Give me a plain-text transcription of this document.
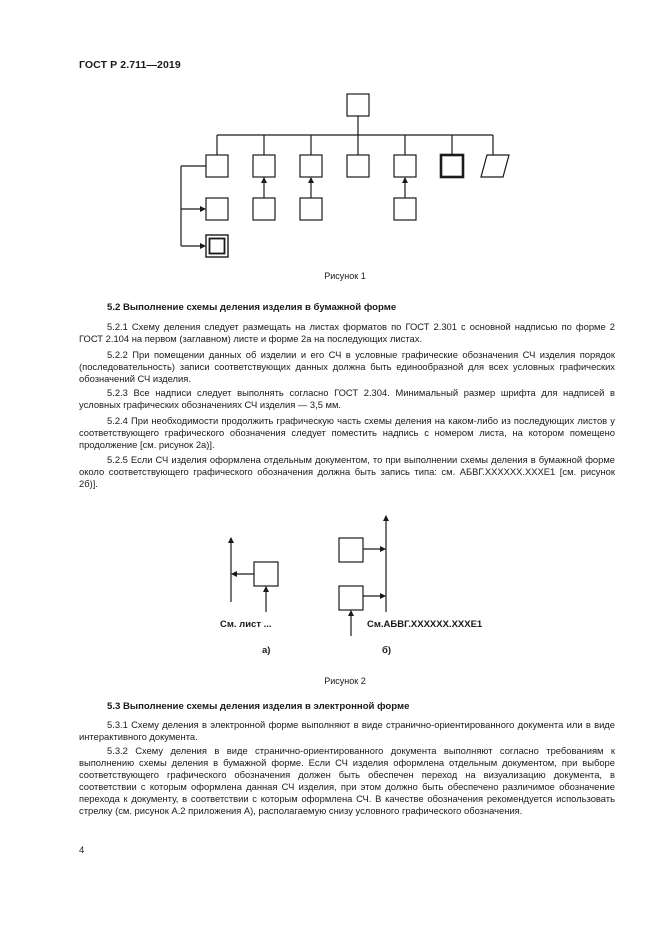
ГОСТ Р 2.711—2019
Рисунок 1
5.2 Выполнение схемы деления изделия в бумажной форме

5.2.1 Схему деления следует размещать на листах форматов по ГОСТ 2.301 с основной надписью по форме 2 ГОСТ 2.104 на первом (заглавном) листе и форме 2а на последующих листах.

5.2.2 При помещении данных об изделии и его СЧ в условные графические обозначения СЧ изделия порядок (последовательность) записи соответствующих данных должна быть единообразной для всех условных графических обозначений СЧ изделия.

5.2.3 Все надписи следует выполнять согласно ГОСТ 2.304. Минимальный размер шрифта для надписей в условных графических обозначениях СЧ изделия — 3,5 мм.

5.2.4 При необходимости продолжить графическую часть схемы деления на каком-либо из последующих листов у соответствующего графического обозначения следует поместить надпись с номером листа, на котором помещено продолжение [см. рисунок 2а)].

5.2.5 Если СЧ изделия оформлена отдельным документом, то при выполнении схемы деления в бумажной форме около соответствующего графического обозначения должна быть запись типа: см. АБВГ.XXXXXX.XXXЕ1 [см. рисунок 2б)].

См. лист ...	См.АБВГ.XXXXXX.XXXЕ1
а)	б)
Рисунок 2
5.3 Выполнение схемы деления изделия в электронной форме

5.3.1 Схему деления в электронной форме выполняют в виде странично-ориентированного документа или в виде интерактивного документа.

5.3.2 Схему деления в виде странично-ориентированного документа выполняют согласно требованиям к выполнению схемы деления в бумажной форме. Если СЧ изделия оформлена отдельным документом, при выборе соответствующего графического обозначения должен быть обеспечен переход на визуализацию документа, в соответствии с которым оформлена данная СЧ изделия, при этом должно быть обеспечено различимое обозначение перехода к документу, в соответствии с которым оформлена СЧ. В качестве обозначения рекомендуется использовать стрелку (см. рисунок А.2 приложения А), располагаемую снизу условного графического обозначения.

4
